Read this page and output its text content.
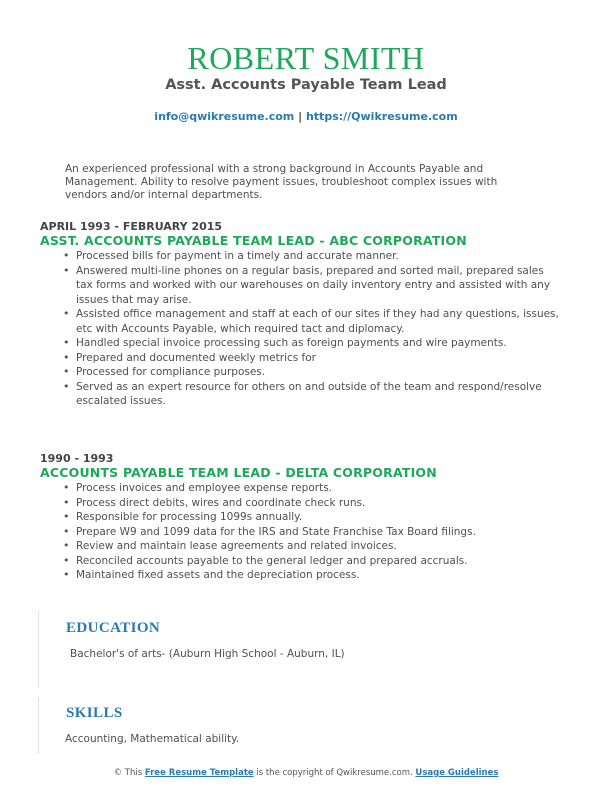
ROBERT SMITH
Asst. Accounts Payable Team Lead
info@qwikresume.com | https://Qwikresume.com
An experienced professional with a strong background in Accounts Payable and Management. Ability to resolve payment issues, troubleshoot complex issues with vendors and/or internal departments.
APRIL 1993 - FEBRUARY 2015
ASST. ACCOUNTS PAYABLE TEAM LEAD - ABC CORPORATION
• Processed bills for payment in a timely and accurate manner.
• Answered multi-line phones on a regular basis, prepared and sorted mail, prepared sales tax forms and worked with our warehouses on daily inventory entry and assisted with any issues that may arise.
• Assisted office management and staff at each of our sites if they had any questions, issues, etc with Accounts Payable, which required tact and diplomacy.
• Handled special invoice processing such as foreign payments and wire payments.
• Prepared and documented weekly metrics for
• Processed for compliance purposes.
• Served as an expert resource for others on and outside of the team and respond/resolve escalated issues.
1990 - 1993
ACCOUNTS PAYABLE TEAM LEAD - DELTA CORPORATION
• Process invoices and employee expense reports.
• Process direct debits, wires and coordinate check runs.
• Responsible for processing 1099s annually.
• Prepare W9 and 1099 data for the IRS and State Franchise Tax Board filings.
• Review and maintain lease agreements and related invoices.
• Reconciled accounts payable to the general ledger and prepared accruals.
• Maintained fixed assets and the depreciation process.
EDUCATION
Bachelor's of arts- (Auburn High School - Auburn, IL)
SKILLS
Accounting, Mathematical ability.
© This Free Resume Template is the copyright of Qwikresume.com. Usage Guidelines
